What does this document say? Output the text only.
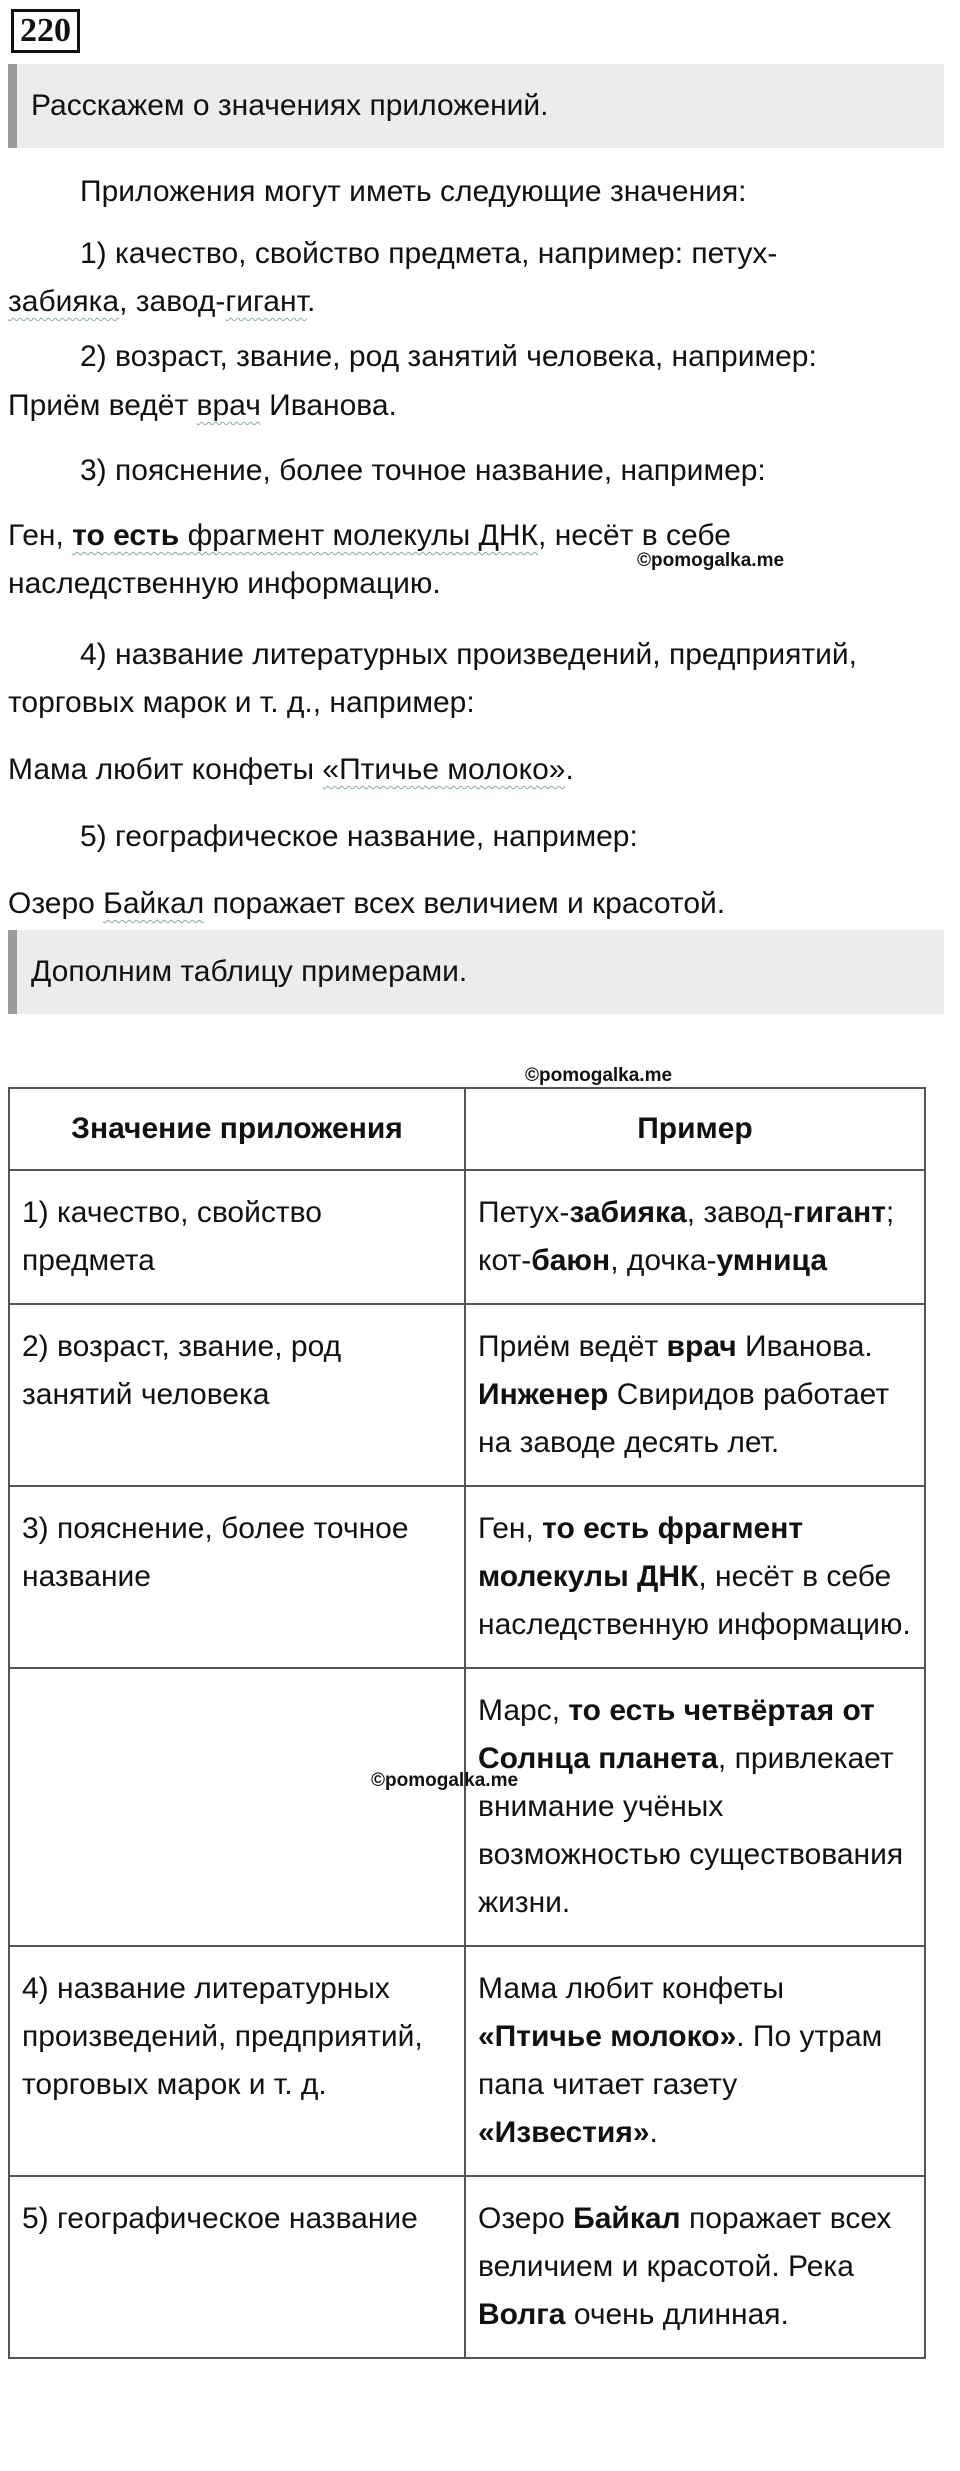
220
Расскажем о значениях приложений.
Приложения могут иметь следующие значения:
1) качество, свойство предмета, например: петух-
забияка, завод-гигант.
2) возраст, звание, род занятий человека, например:
Приём ведёт врач Иванова.
3) пояснение, более точное название, например:
Ген, то есть фрагмент молекулы ДНК, несёт в себе
©pomogalka.me
наследственную информацию.
4) название литературных произведений, предприятий,
торговых марок и т. д., например:
Мама любит конфеты «Птичье молоко».
5) географическое название, например:
Озеро Байкал поражает всех величием и красотой.
Дополним таблицу примерами.
©pomogalka.me
Значение приложения	Пример
1) качество, свойство предмета	Петух-забияка, завод-гигант; кот-баюн, дочка-умница
2) возраст, звание, род занятий человека	Приём ведёт врач Иванова. Инженер Свиридов работает на заводе десять лет.
3) пояснение, более точное название	Ген, то есть фрагмент молекулы ДНК, несёт в себе наследственную информацию.

©pomogalka.me	Марс, то есть четвёртая от Солнца планета, привлекает внимание учёных возможностью существования жизни.
4) название литературных произведений, предприятий, торговых марок и т. д.	Мама любит конфеты «Птичье молоко». По утрам папа читает газету «Известия».
5) географическое название	Озеро Байкал поражает всех величием и красотой. Река Волга очень длинная.
